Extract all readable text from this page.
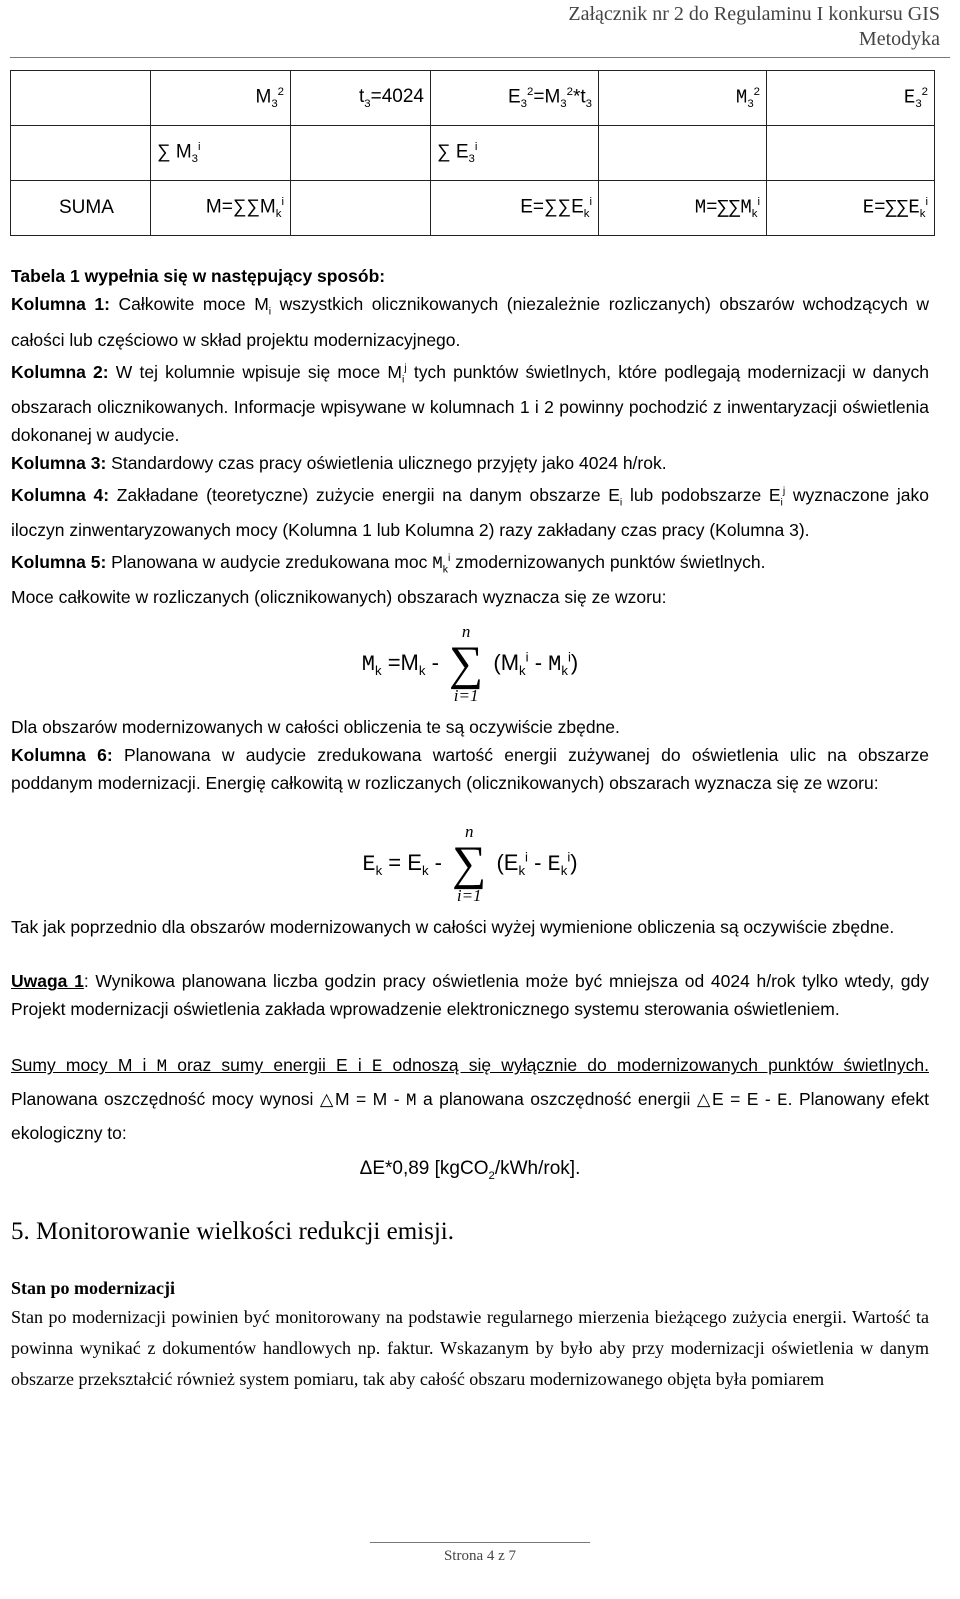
Załącznik nr 2 do Regulaminu I konkursu GIS
Metodyka
	$M_3^2$	$t_3=4024$	$E_3^2=M_3^2*t_3$	$M_3^2$	$E_3^2$
	∑ $M_3^i$		∑ $E_3^i$		
SUMA	$M=\sum\sum M_k^i$		$E=\sum\sum E_k^i$	$M=\sum\sum M_k^i$	$E=\sum\sum E_k^i$

Tabela 1 wypełnia się w następujący sposób:

Kolumna 1: Całkowite moce $M_i$ wszystkich olicznikowanych (niezależnie rozliczanych) obszarów wchodzących w całości lub częściowo w skład projektu modernizacyjnego.

Kolumna 2: W tej kolumnie wpisuje się moce $M_i^j$ tych punktów świetlnych, które podlegają modernizacji w danych obszarach olicznikowanych. Informacje wpisywane w kolumnach 1 i 2 powinny pochodzić z inwentaryzacji oświetlenia dokonanej w audycie.

Kolumna 3: Standardowy czas pracy oświetlenia ulicznego przyjęty jako 4024 h/rok.

Kolumna 4: Zakładane (teoretyczne) zużycie energii na danym obszarze $E_i$ lub podobszarze $E_i^j$ wyznaczone jako iloczyn zinwentaryzowanych mocy (Kolumna 1 lub Kolumna 2) razy zakładany czas pracy (Kolumna 3).

Kolumna 5: Planowana w audycie zredukowana moc $M_k^i$ zmodernizowanych punktów świetlnych.

Moce całkowite w rozliczanych (olicznikowanych) obszarach wyznacza się ze wzoru:

$M_k =M_k$ -
n
∑
i=1
$(M_k^i - M_k^i)$

Dla obszarów modernizowanych w całości obliczenia te są oczywiście zbędne.

Kolumna 6: Planowana w audycie zredukowana wartość energii zużywanej do oświetlenia ulic na obszarze poddanym modernizacji. Energię całkowitą w rozliczanych (olicznikowanych) obszarach wyznacza się ze wzoru:

$E_k = E_k$ -
n
∑
i=1
$(E_k^i - E_k^i)$

Tak jak poprzednio dla obszarów modernizowanych w całości wyżej wymienione obliczenia są oczywiście zbędne.

Uwaga 1: Wynikowa planowana liczba godzin pracy oświetlenia może być mniejsza od 4024 h/rok tylko wtedy, gdy Projekt modernizacji oświetlenia zakłada wprowadzenie elektronicznego systemu sterowania oświetleniem.

Sumy mocy M i M oraz sumy energii E i E odnoszą się wyłącznie do modernizowanych punktów świetlnych. Planowana oszczędność mocy wynosi △M = M - M a planowana oszczędność energii △E = E - E. Planowany efekt ekologiczny to:

ΔE*0,89 [kgCO$_2$/kWh/rok].

5. Monitorowanie wielkości redukcji emisji.
Stan po modernizacji

Stan po modernizacji powinien być monitorowany na podstawie regularnego mierzenia bieżącego zużycia energii. Wartość ta powinna wynikać z dokumentów handlowych np. faktur. Wskazanym by było aby przy modernizacji oświetlenia w danym obszarze przekształcić również system pomiaru, tak aby całość obszaru modernizowanego objęta była pomiarem

Strona 4 z 7
